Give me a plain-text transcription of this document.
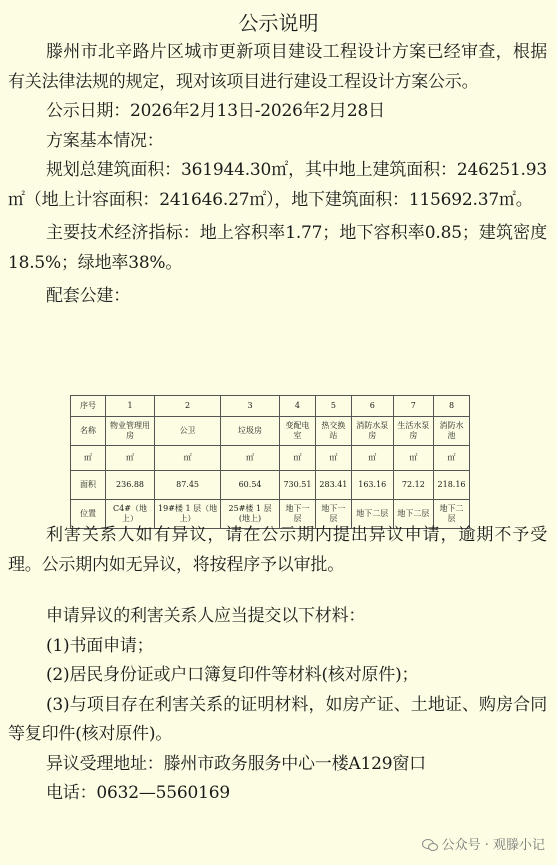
公示说明

滕州市北辛路片区城市更新项目建设工程设计方案已经审查，根据有关法律法规的规定，现对该项目进行建设工程设计方案公示。

公示日期：2026年2月13日-2026年2月28日

方案基本情况：

规划总建筑面积：361944.30㎡，其中地上建筑面积：246251.93㎡（地上计容面积：241646.27㎡），地下建筑面积：115692.37㎡。

主要技术经济指标：地上容积率1.77；地下容积率0.85；建筑密度18.5%；绿地率38%。

配套公建：

序号	1	2	3	4	5	6	7	8
名称	物业管理用房	公卫	垃圾房	变配电室	热交换站	消防水泵房	生活水泵房	消防水池
㎡	㎡	㎡	㎡	㎡	㎡	㎡	㎡	㎡
面积	236.88	87.45	60.54	730.51	283.41	163.16	72.12	218.16
位置	C4#（地上）	19#楼 1 层（地上）	25#楼 1 层(地上)	地下一层	地下一层	地下二层	地下二层	地下二层

利害关系人如有异议，请在公示期内提出异议申请，逾期不予受理。公示期内如无异议，将按程序予以审批。

申请异议的利害关系人应当提交以下材料：

(1)书面申请；

(2)居民身份证或户口簿复印件等材料(核对原件)；

(3)与项目存在利害关系的证明材料，如房产证、土地证、购房合同等复印件(核对原件)。

异议受理地址：滕州市政务服务中心一楼A129窗口

电话：0632—5560169

公众号 · 观滕小记
